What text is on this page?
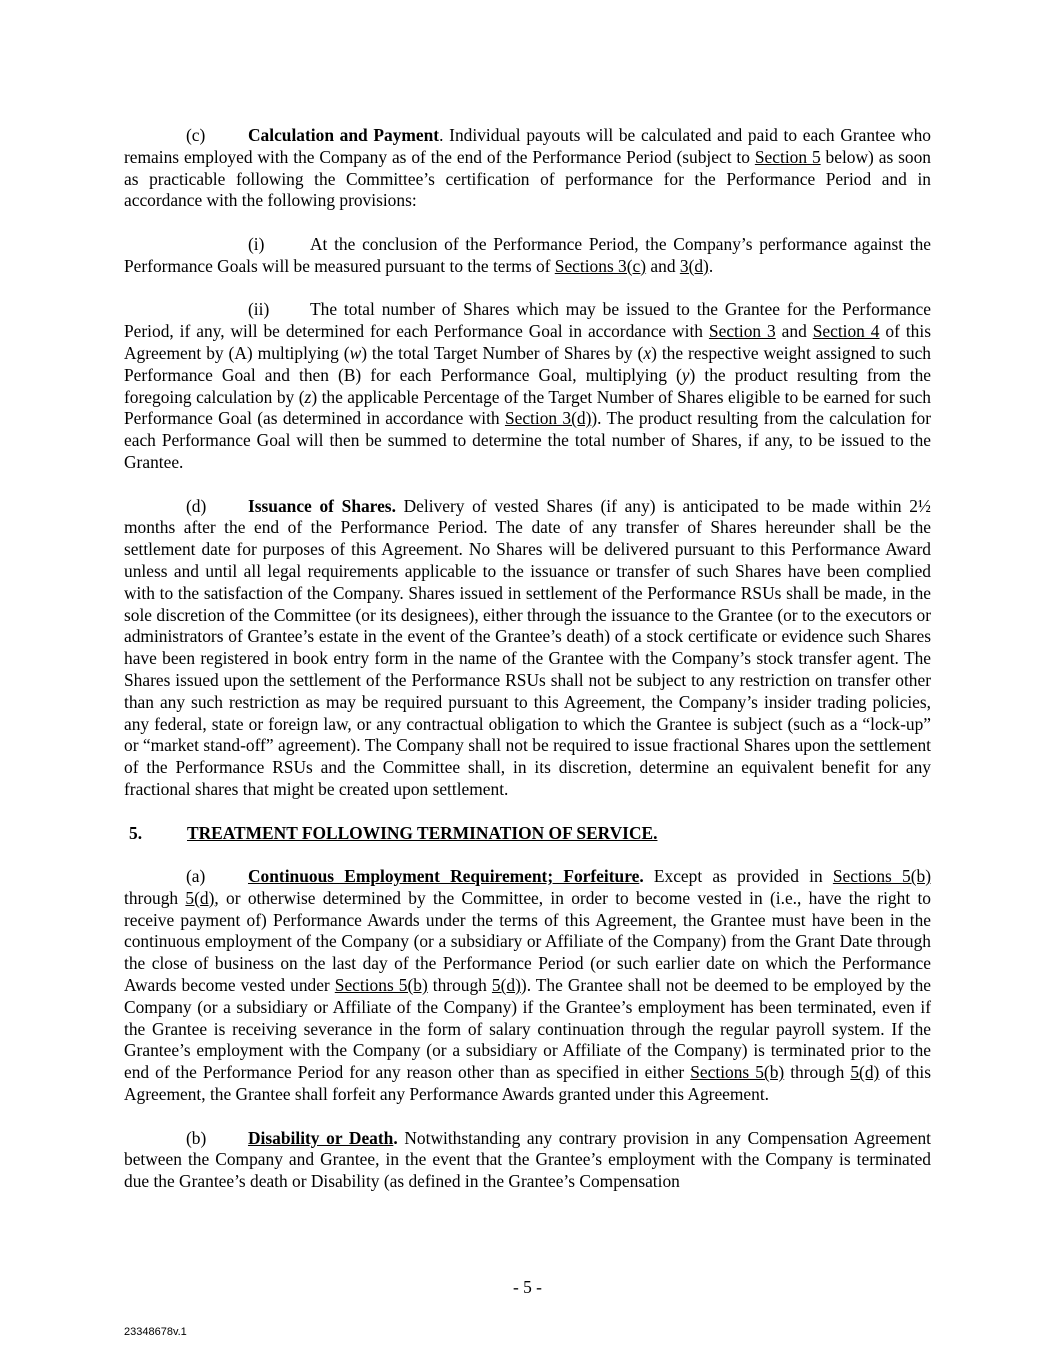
(c) Calculation and Payment. Individual payouts will be calculated and paid to each Grantee who remains employed with the Company as of the end of the Performance Period (subject to Section 5 below) as soon as practicable following the Committee’s certification of performance for the Performance Period and in accordance with the following provisions:

(i)	At the conclusion of the Performance Period, the Company’s performance against the Performance Goals will be measured pursuant to the terms of Sections 3(c) and 3(d).

(ii) The total number of Shares which may be issued to the Grantee for the Performance Period, if any, will be determined for each Performance Goal in accordance with Section 3 and Section 4 of this Agreement by (A) multiplying (w) the total Target Number of Shares by (x) the respective weight assigned to such Performance Goal and then (B) for each Performance Goal, multiplying (y) the product resulting from the foregoing calculation by (z) the applicable Percentage of the Target Number of Shares eligible to be earned for such Performance Goal (as determined in accordance with Section 3(d)). The product resulting from the calculation for each Performance Goal will then be summed to determine the total number of Shares, if any, to be issued to the Grantee.

(d) Issuance of Shares. Delivery of vested Shares (if any) is anticipated to be made within 2½ months after the end of the Performance Period. The date of any transfer of Shares hereunder shall be the settlement date for purposes of this Agreement. No Shares will be delivered pursuant to this Performance Award unless and until all legal requirements applicable to the issuance or transfer of such Shares have been complied with to the satisfaction of the Company. Shares issued in settlement of the Performance RSUs shall be made, in the sole discretion of the Committee (or its designees), either through the issuance to the Grantee (or to the executors or administrators of Grantee’s estate in the event of the Grantee’s death) of a stock certificate or evidence such Shares have been registered in book entry form in the name of the Grantee with the Company’s stock transfer agent. The Shares issued upon the settlement of the Performance RSUs shall not be subject to any restriction on transfer other than any such restriction as may be required pursuant to this Agreement, the Company’s insider trading policies, any federal, state or foreign law, or any contractual obligation to which the Grantee is subject (such as a “lock-up” or “market stand-off” agreement). The Company shall not be required to issue fractional Shares upon the settlement of the Performance RSUs and the Committee shall, in its discretion, determine an equivalent benefit for any fractional shares that might be created upon settlement.

5.	TREATMENT FOLLOWING TERMINATION OF SERVICE.

(a) Continuous Employment Requirement; Forfeiture. Except as provided in Sections 5(b) through 5(d), or otherwise determined by the Committee, in order to become vested in (i.e., have the right to receive payment of) Performance Awards under the terms of this Agreement, the Grantee must have been in the continuous employment of the Company (or a subsidiary or Affiliate of the Company) from the Grant Date through the close of business on the last day of the Performance Period (or such earlier date on which the Performance Awards become vested under Sections 5(b) through 5(d)). The Grantee shall not be deemed to be employed by the Company (or a subsidiary or Affiliate of the Company) if the Grantee’s employment has been terminated, even if the Grantee is receiving severance in the form of salary continuation through the regular payroll system. If the Grantee’s employment with the Company (or a subsidiary or Affiliate of the Company) is terminated prior to the end of the Performance Period for any reason other than as specified in either Sections 5(b) through 5(d) of this Agreement, the Grantee shall forfeit any Performance Awards granted under this Agreement.

(b) Disability or Death. Notwithstanding any contrary provision in any Compensation Agreement between the Company and Grantee, in the event that the Grantee’s employment with the Company is terminated due the Grantee’s death or Disability (as defined in the Grantee’s Compensation

- 5 -
23348678v.1
